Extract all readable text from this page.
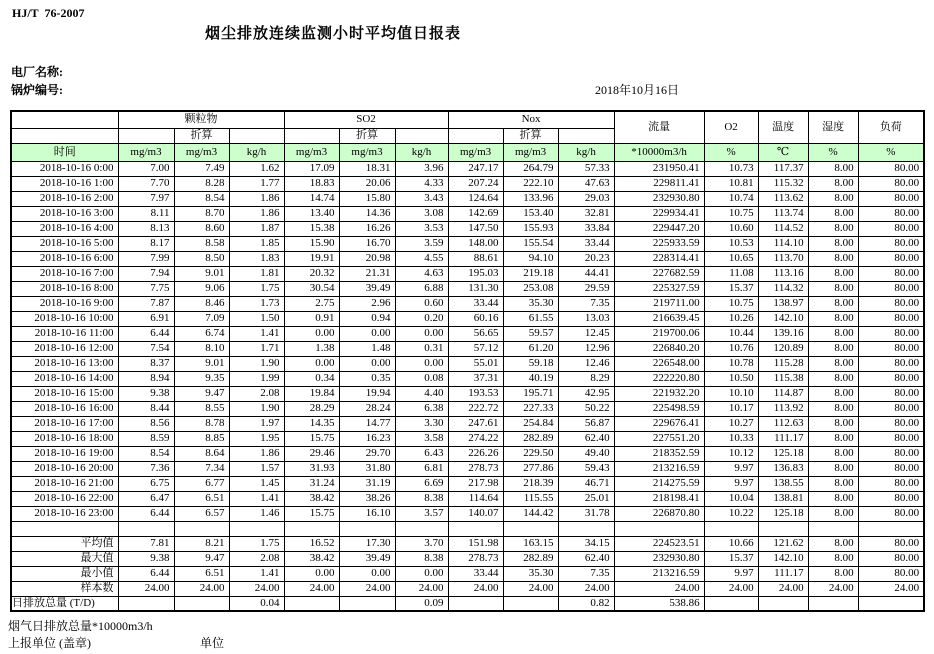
HJ/T  76-2007
烟尘排放连续监测小时平均值日报表
电厂名称:
锅炉编号:	2018年10月16日
	颗粒物			SO2			Nox			流量	O2	温度	湿度	负荷
		折算			折算			折算						
时间	mg/m3	mg/m3	kg/h	mg/m3	mg/m3	kg/h	mg/m3	mg/m3	kg/h	*10000m3/h	%	℃	%	%
2018-10-16 0:00	7.00	7.49	1.62	17.09	18.31	3.96	247.17	264.79	57.33	231950.41	10.73	117.37	8.00	80.00
2018-10-16 1:00	7.70	8.28	1.77	18.83	20.06	4.33	207.24	222.10	47.63	229811.41	10.81	115.32	8.00	80.00
2018-10-16 2:00	7.97	8.54	1.86	14.74	15.80	3.43	124.64	133.96	29.03	232930.80	10.74	113.62	8.00	80.00
2018-10-16 3:00	8.11	8.70	1.86	13.40	14.36	3.08	142.69	153.40	32.81	229934.41	10.75	113.74	8.00	80.00
2018-10-16 4:00	8.13	8.60	1.87	15.38	16.26	3.53	147.50	155.93	33.84	229447.20	10.60	114.52	8.00	80.00
2018-10-16 5:00	8.17	8.58	1.85	15.90	16.70	3.59	148.00	155.54	33.44	225933.59	10.53	114.10	8.00	80.00
2018-10-16 6:00	7.99	8.50	1.83	19.91	20.98	4.55	88.61	94.10	20.23	228314.41	10.65	113.70	8.00	80.00
2018-10-16 7:00	7.94	9.01	1.81	20.32	21.31	4.63	195.03	219.18	44.41	227682.59	11.08	113.16	8.00	80.00
2018-10-16 8:00	7.75	9.06	1.75	30.54	39.49	6.88	131.30	253.08	29.59	225327.59	15.37	114.32	8.00	80.00
2018-10-16 9:00	7.87	8.46	1.73	2.75	2.96	0.60	33.44	35.30	7.35	219711.00	10.75	138.97	8.00	80.00
2018-10-16 10:00	6.91	7.09	1.50	0.91	0.94	0.20	60.16	61.55	13.03	216639.45	10.26	142.10	8.00	80.00
2018-10-16 11:00	6.44	6.74	1.41	0.00	0.00	0.00	56.65	59.57	12.45	219700.06	10.44	139.16	8.00	80.00
2018-10-16 12:00	7.54	8.10	1.71	1.38	1.48	0.31	57.12	61.20	12.96	226840.20	10.76	120.89	8.00	80.00
2018-10-16 13:00	8.37	9.01	1.90	0.00	0.00	0.00	55.01	59.18	12.46	226548.00	10.78	115.28	8.00	80.00
2018-10-16 14:00	8.94	9.35	1.99	0.34	0.35	0.08	37.31	40.19	8.29	222220.80	10.50	115.38	8.00	80.00
2018-10-16 15:00	9.38	9.47	2.08	19.84	19.94	4.40	193.53	195.71	42.95	221932.20	10.10	114.87	8.00	80.00
2018-10-16 16:00	8.44	8.55	1.90	28.29	28.24	6.38	222.72	227.33	50.22	225498.59	10.17	113.92	8.00	80.00
2018-10-16 17:00	8.56	8.78	1.97	14.35	14.77	3.30	247.61	254.84	56.87	229676.41	10.27	112.63	8.00	80.00
2018-10-16 18:00	8.59	8.85	1.95	15.75	16.23	3.58	274.22	282.89	62.40	227551.20	10.33	111.17	8.00	80.00
2018-10-16 19:00	8.54	8.64	1.86	29.46	29.70	6.43	226.26	229.50	49.40	218352.59	10.12	125.18	8.00	80.00
2018-10-16 20:00	7.36	7.34	1.57	31.93	31.80	6.81	278.73	277.86	59.43	213216.59	9.97	136.83	8.00	80.00
2018-10-16 21:00	6.75	6.77	1.45	31.24	31.19	6.69	217.98	218.39	46.71	214275.59	9.97	138.55	8.00	80.00
2018-10-16 22:00	6.47	6.51	1.41	38.42	38.26	8.38	114.64	115.55	25.01	218198.41	10.04	138.81	8.00	80.00
2018-10-16 23:00	6.44	6.57	1.46	15.75	16.10	3.57	140.07	144.42	31.78	226870.80	10.22	125.18	8.00	80.00

平均值	7.81	8.21	1.75	16.52	17.30	3.70	151.98	163.15	34.15	224523.51	10.66	121.62	8.00	80.00
最大值	9.38	9.47	2.08	38.42	39.49	8.38	278.73	282.89	62.40	232930.80	15.37	142.10	8.00	80.00
最小值	6.44	6.51	1.41	0.00	0.00	0.00	33.44	35.30	7.35	213216.59	9.97	111.17	8.00	80.00
样本数	24.00	24.00	24.00	24.00	24.00	24.00	24.00	24.00	24.00	24.00	24.00	24.00	24.00	24.00
日排放总量 (T/D)			0.04			0.09			0.82	538.86				
烟气日排放总量*10000m3/h
上报单位 (盖章)	单位
